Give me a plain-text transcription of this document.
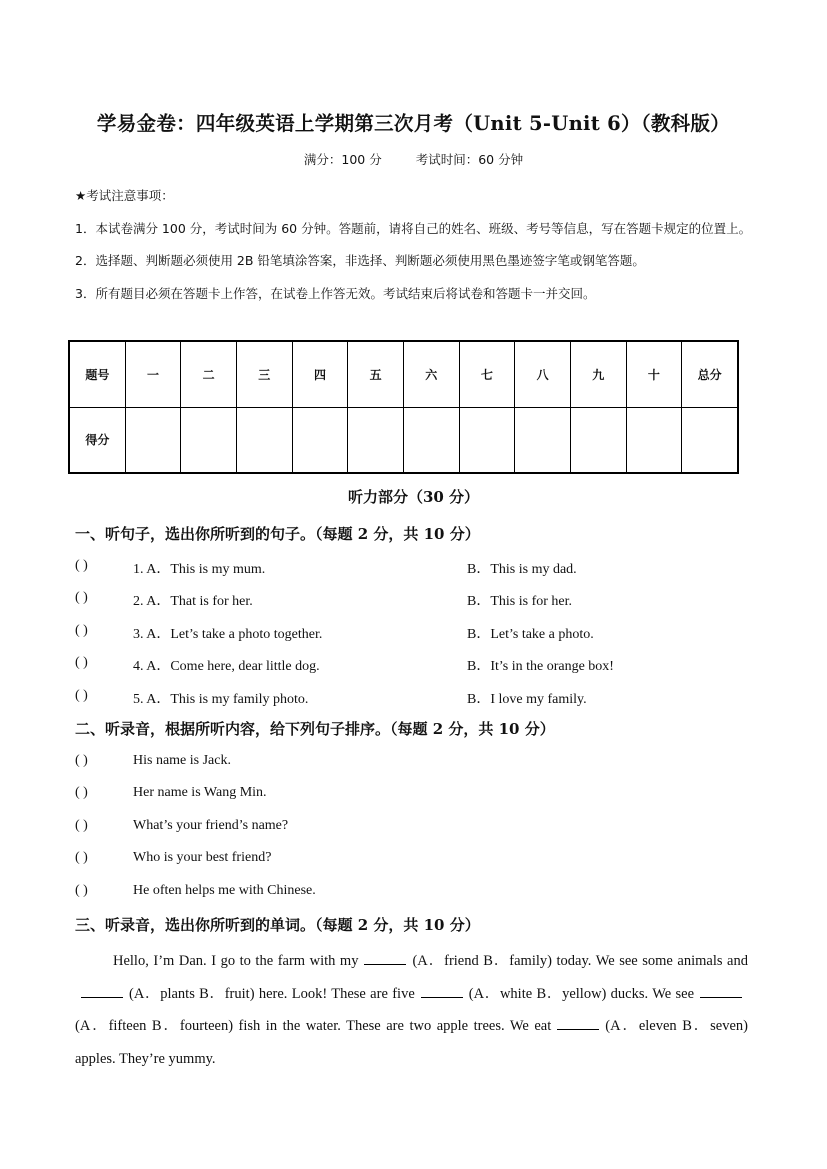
学易金卷：四年级英语上学期第三次月考（Unit 5-Unit 6）（教科版）
满分：100 分	考试时间：60 分钟
★考试注意事项：
1．本试卷满分 100 分，考试时间为 60 分钟。答题前，请将自己的姓名、班级、考号等信息，写在答题卡规定的位置上。
2．选择题、判断题必须使用 2B 铅笔填涂答案，非选择、判断题必须使用黑色墨迹签字笔或钢笔答题。
3．所有题目必须在答题卡上作答，在试卷上作答无效。考试结束后将试卷和答题卡一并交回。
题号	一	二	三	四	五	六	七	八	九	十	总分
得分											
听力部分（30 分）
一、听句子，选出你所听到的句子。（每题 2 分，共 10 分）
( )	1. A．This is my mum.	B．This is my dad.
( )	2. A．That is for her.	B．This is for her.
( )	3. A．Let’s take a photo together.	B．Let’s take a photo.
( )	4. A．Come here, dear little dog.	B．It’s in the orange box!
( )	5. A．This is my family photo.	B．I love my family.
二、听录音，根据所听内容，给下列句子排序。（每题 2 分，共 10 分）
( )	His name is Jack.
( )	Her name is Wang Min.
( )	What’s your friend’s name?
( )	Who is your best friend?
( )	He often helps me with Chinese.
三、听录音，选出你所听到的单词。（每题 2 分，共 10 分）
Hello, I’m Dan. I go to the farm with my	(A．friend B．family) today. We see some animals and(A．plants B．fruit) here. Look! These are five	(A．white B．yellow) ducks. We see(A．fifteen B．fourteen) fish in the water. These are two apple trees. We eat	(A．eleven B．seven) apples. They’re yummy.
